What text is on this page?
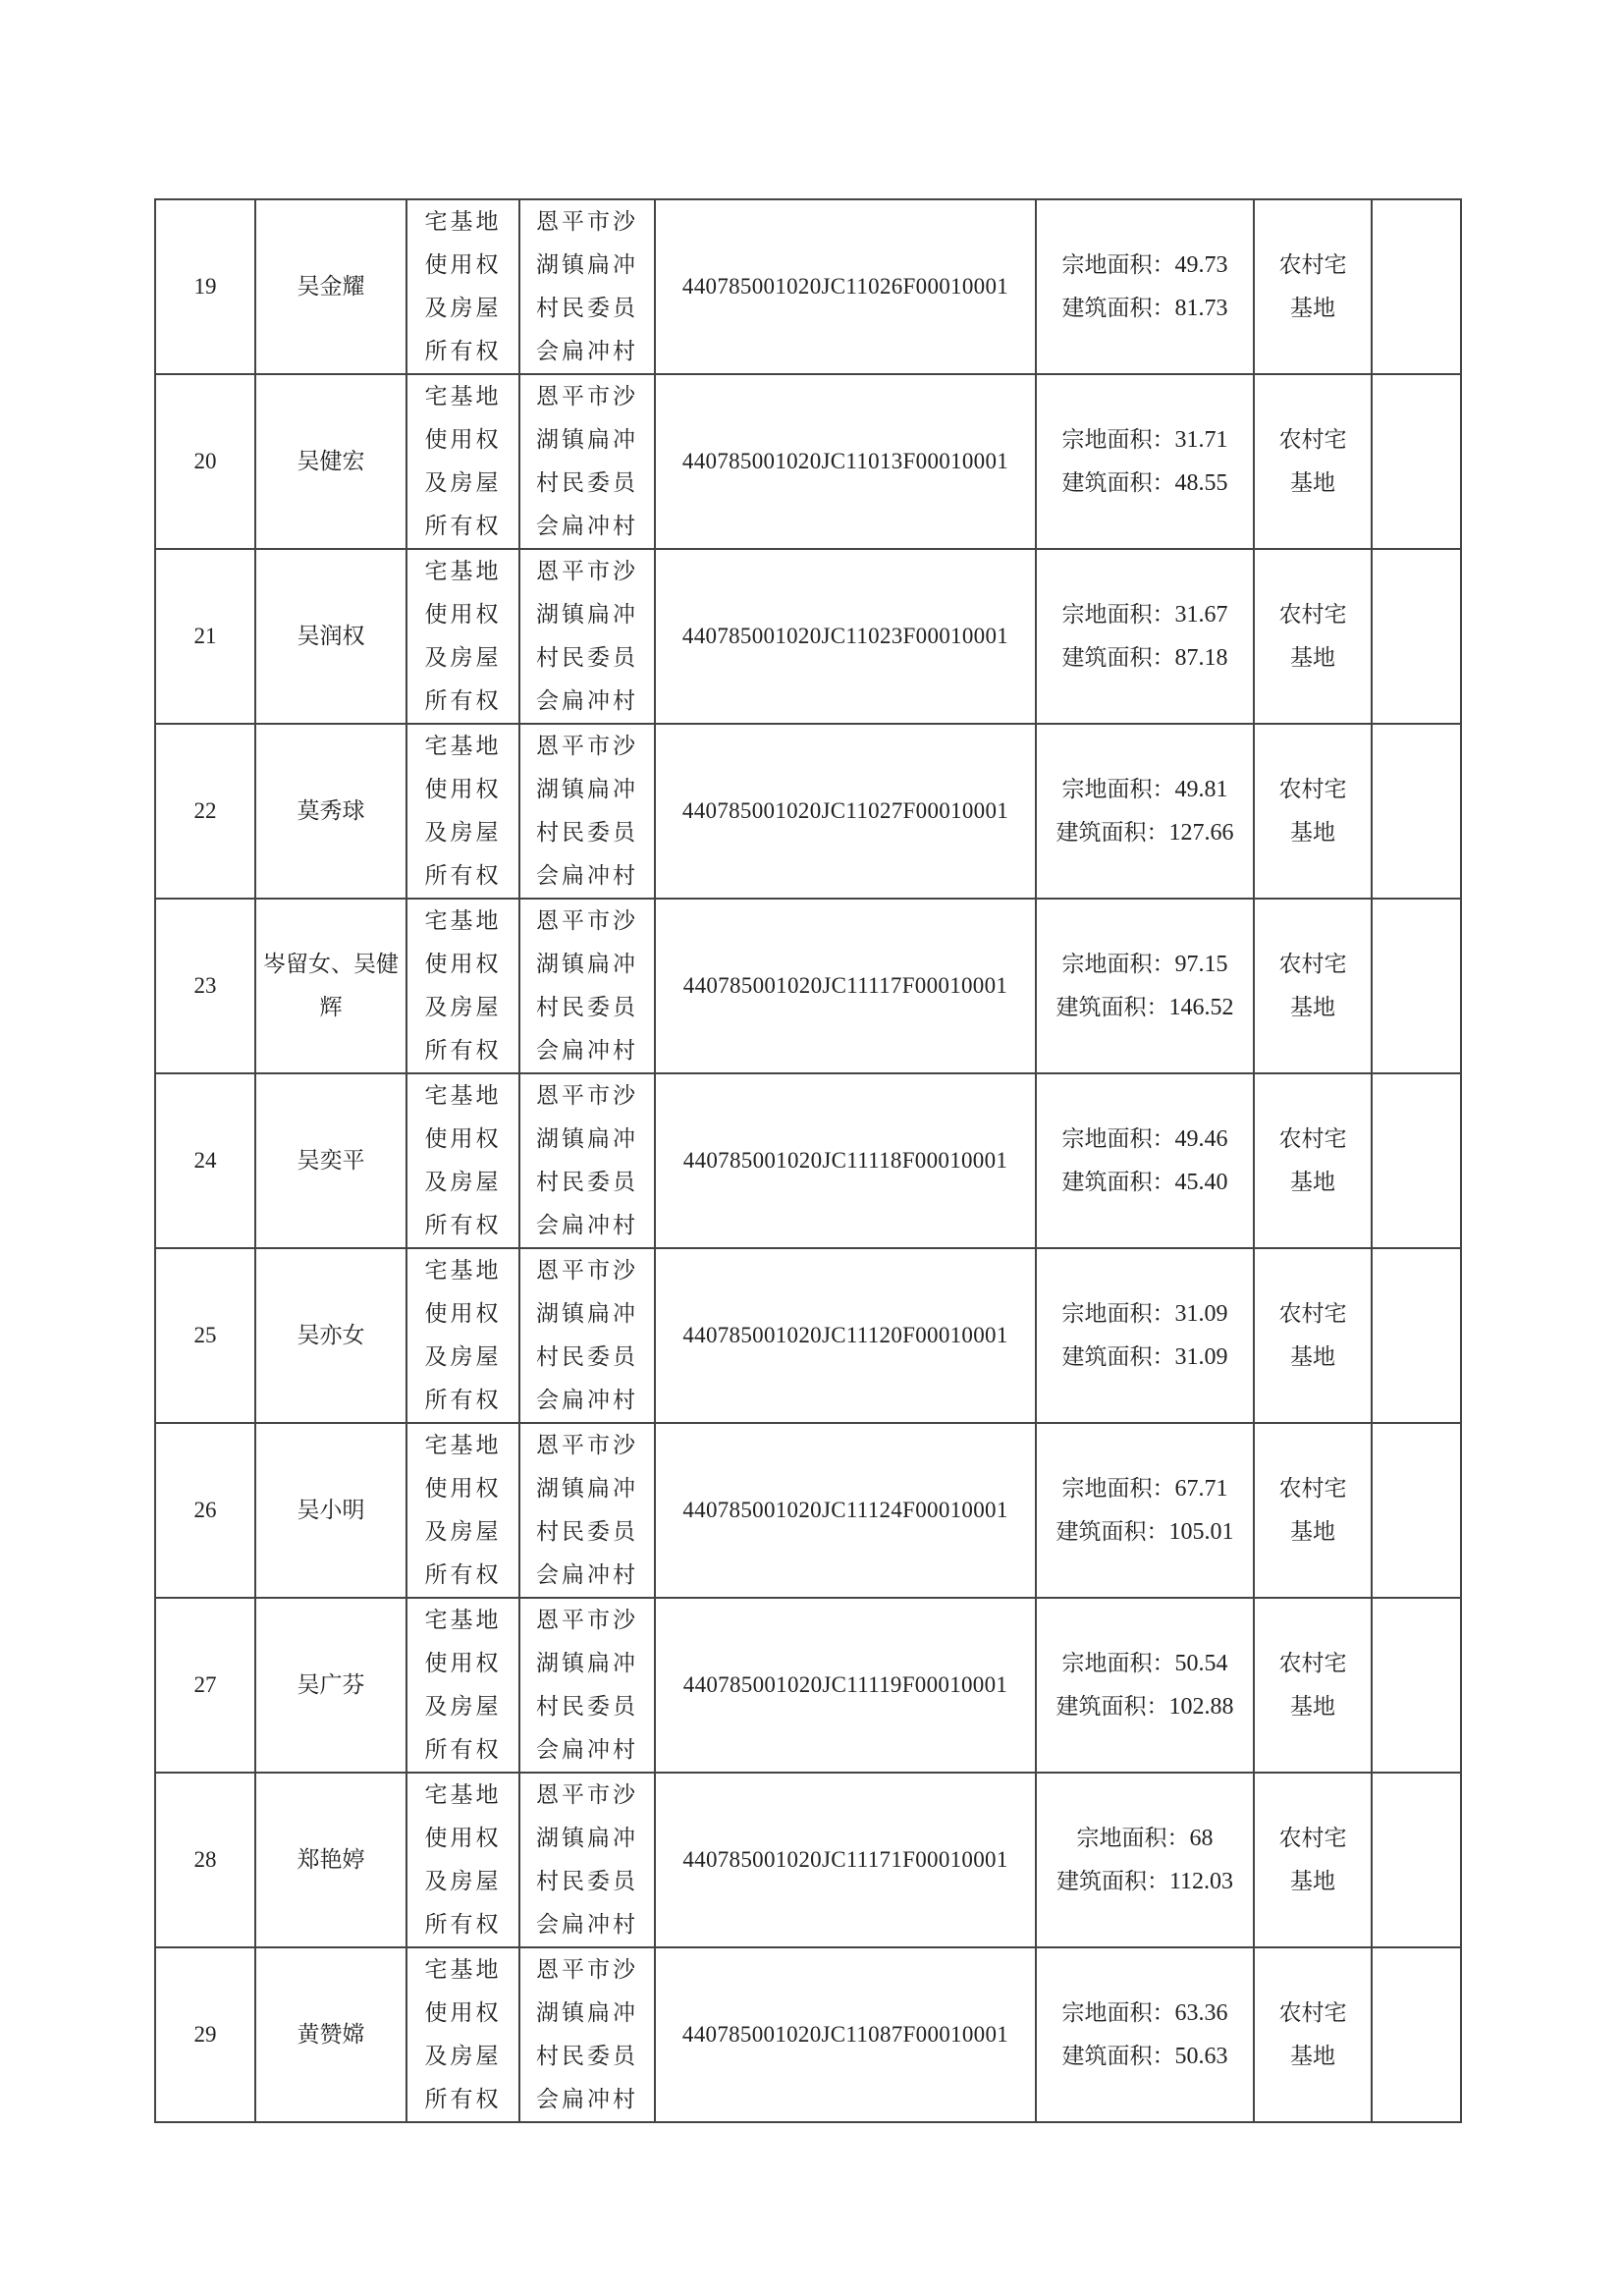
19	吴金耀	宅基地
使用权
及房屋
所有权	恩平市沙
湖镇扁冲
村民委员
会扁冲村	440785001020JC11026F00010001	宗地面积：49.73
建筑面积：81.73	农村宅
基地	

20	吴健宏	宅基地
使用权
及房屋
所有权	恩平市沙
湖镇扁冲
村民委员
会扁冲村	440785001020JC11013F00010001	宗地面积：31.71
建筑面积：48.55	农村宅
基地	

21	吴润权	宅基地
使用权
及房屋
所有权	恩平市沙
湖镇扁冲
村民委员
会扁冲村	440785001020JC11023F00010001	宗地面积：31.67
建筑面积：87.18	农村宅
基地	

22	莫秀球	宅基地
使用权
及房屋
所有权	恩平市沙
湖镇扁冲
村民委员
会扁冲村	440785001020JC11027F00010001	宗地面积：49.81
建筑面积：127.66	农村宅
基地	

23	岑留女、吴健辉	宅基地
使用权
及房屋
所有权	恩平市沙
湖镇扁冲
村民委员
会扁冲村	440785001020JC11117F00010001	宗地面积：97.15
建筑面积：146.52	农村宅
基地	

24	吴奕平	宅基地
使用权
及房屋
所有权	恩平市沙
湖镇扁冲
村民委员
会扁冲村	440785001020JC11118F00010001	宗地面积：49.46
建筑面积：45.40	农村宅
基地	

25	吴亦女	宅基地
使用权
及房屋
所有权	恩平市沙
湖镇扁冲
村民委员
会扁冲村	440785001020JC11120F00010001	宗地面积：31.09
建筑面积：31.09	农村宅
基地	

26	吴小明	宅基地
使用权
及房屋
所有权	恩平市沙
湖镇扁冲
村民委员
会扁冲村	440785001020JC11124F00010001	宗地面积：67.71
建筑面积：105.01	农村宅
基地	

27	吴广芬	宅基地
使用权
及房屋
所有权	恩平市沙
湖镇扁冲
村民委员
会扁冲村	440785001020JC11119F00010001	宗地面积：50.54
建筑面积：102.88	农村宅
基地	

28	郑艳婷	宅基地
使用权
及房屋
所有权	恩平市沙
湖镇扁冲
村民委员
会扁冲村	440785001020JC11171F00010001	宗地面积：68
建筑面积：112.03	农村宅
基地	

29	黄赞嫦	宅基地
使用权
及房屋
所有权	恩平市沙
湖镇扁冲
村民委员
会扁冲村	440785001020JC11087F00010001	宗地面积：63.36
建筑面积：50.63	农村宅
基地	
